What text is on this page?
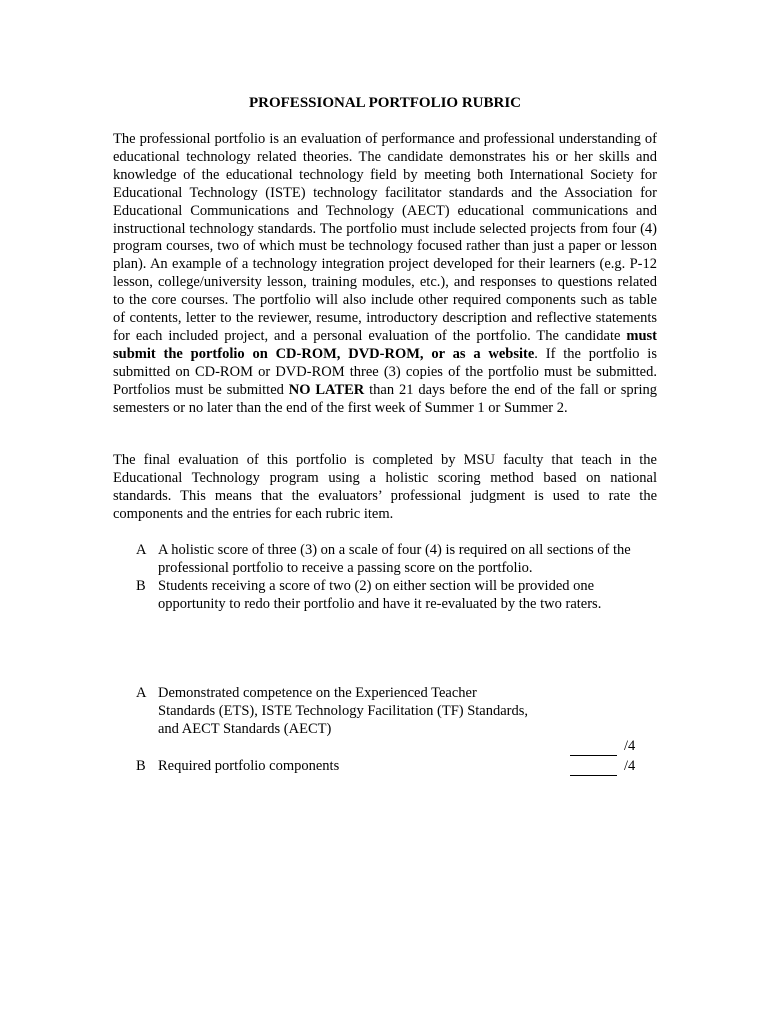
PROFESSIONAL PORTFOLIO RUBRIC

The professional portfolio is an evaluation of performance and professional understanding of educational technology related theories. The candidate demonstrates his or her skills and knowledge of the educational technology field by meeting both International Society for Educational Technology (ISTE) technology facilitator standards and the Association for Educational Communications and Technology (AECT) educational communications and instructional technology standards. The portfolio must include selected projects from four (4) program courses, two of which must be technology focused rather than just a paper or lesson plan). An example of a technology integration project developed for their learners (e.g. P-12 lesson, college/university lesson, training modules, etc.), and responses to questions related to the core courses. The portfolio will also include other required components such as table of contents, letter to the reviewer, resume, introductory description and reflective statements for each included project, and a personal evaluation of the portfolio. The candidate must submit the portfolio on CD-ROM, DVD-ROM, or as a website. If the portfolio is submitted on CD-ROM or DVD-ROM three (3) copies of the portfolio must be submitted. Portfolios must be submitted NO LATER than 21 days before the end of the fall or spring semesters or no later than the end of the first week of Summer 1 or Summer 2.

The final evaluation of this portfolio is completed by MSU faculty that teach in the Educational Technology program using a holistic scoring method based on national standards. This means that the evaluators’ professional judgment is used to rate the components and the entries for each rubric item.

A A holistic score of three (3) on a scale of four (4) is required on all sections of the professional portfolio to receive a passing score on the portfolio.
B Students receiving a score of two (2) on either section will be provided one opportunity to redo their portfolio and have it re-evaluated by the two raters.
A Demonstrated competence on the Experienced Teacher Standards (ETS), ISTE Technology Facilitation (TF) Standards, and AECT Standards (AECT)
B Required portfolio components
/4
/4
